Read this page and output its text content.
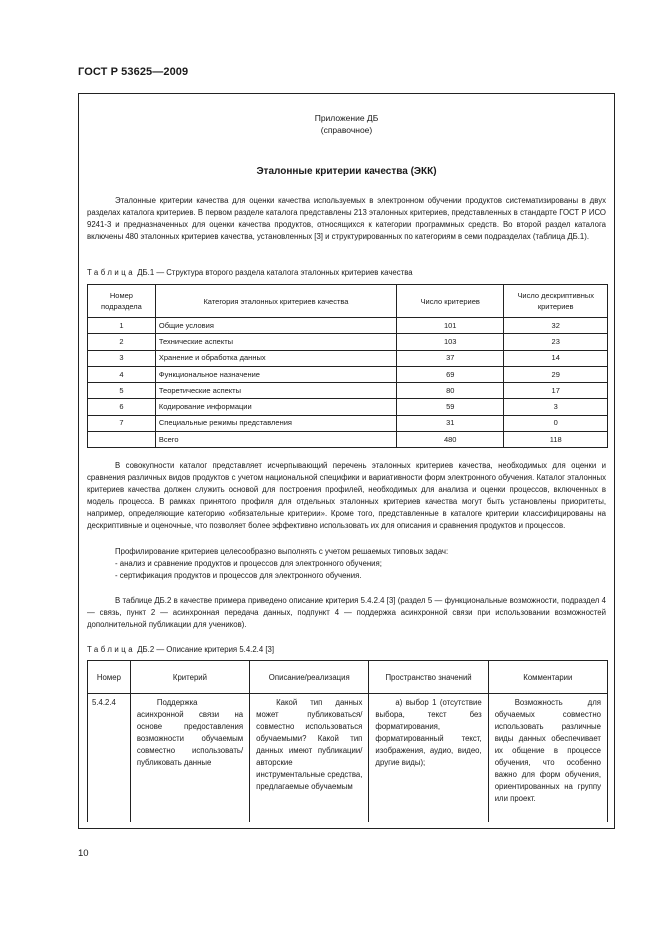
ГОСТ Р 53625—2009
Приложение ДБ
(справочное)
Эталонные критерии качества (ЭКК)
Эталонные критерии качества для оценки качества используемых в электронном обучении продуктов систематизированы в двух разделах каталога критериев. В первом разделе каталога представлены 213 эталонных критериев, представленных в стандарте ГОСТ Р ИСО 9241-3 и предназначенных для оценки качества продуктов, относящихся к категории программных средств. Во второй раздел каталога включены 480 эталонных критериев качества, установленных [3] и структурированных по категориям в семи подразделах (таблица ДБ.1).
Таблица ДБ.1 — Структура второго раздела каталога эталонных критериев качества
Номер подраздела	Категория эталонных критериев качества	Число критериев	Число дескриптивных критериев
1	Общие условия	101	32
2	Технические аспекты	103	23
3	Хранение и обработка данных	37	14
4	Функциональное назначение	69	29
5	Теоретические аспекты	80	17
6	Кодирование информации	59	3
7	Специальные режимы представления	31	0
	Всего	480	118
В совокупности каталог представляет исчерпывающий перечень эталонных критериев качества, необходимых для оценки и сравнения различных видов продуктов с учетом национальной специфики и вариативности форм электронного обучения. Каталог эталонных критериев качества должен служить основой для построения профилей, необходимых для анализа и оценки процессов, включенных в модель процесса. В рамках принятого профиля для отдельных эталонных критериев качества могут быть установлены приоритеты, например, определяющие категорию «обязательные критерии». Кроме того, представленные в каталоге критерии классифицированы на дескриптивные и оценочные, что позволяет более эффективно использовать их для описания и сравнения продуктов и процессов.
Профилирование критериев целесообразно выполнять с учетом решаемых типовых задач:
- анализ и сравнение продуктов и процессов для электронного обучения;
- сертификация продуктов и процессов для электронного обучения.
В таблице ДБ.2 в качестве примера приведено описание критерия 5.4.2.4 [3] (раздел 5 — функциональные возможности, подраздел 4 — связь, пункт 2 — асинхронная передача данных, подпункт 4 — поддержка асинхронной связи при использовании возможностей дополнительной публикации для учеников).
Таблица ДБ.2 — Описание критерия 5.4.2.4 [3]
Номер	Критерий	Описание/реализация	Пространство значений	Комментарии
5.4.2.4	Поддержка асинхронной связи на основе предоставления возможности обучаемым совместно использовать/публиковать данные	Какой тип данных может публиковаться/совместно использоваться обучаемыми? Какой тип данных имеют публикации/авторские инструментальные средства, предлагаемые обучаемым	а) выбор 1 (отсутствие выбора, текст без форматирования, форматированный текст, изображения, аудио, видео, другие виды);	Возможность для обучаемых совместно использовать различные виды данных обеспечивает их общение в процессе обучения, что особенно важно для форм обучения, ориентированных на группу или проект.
10
